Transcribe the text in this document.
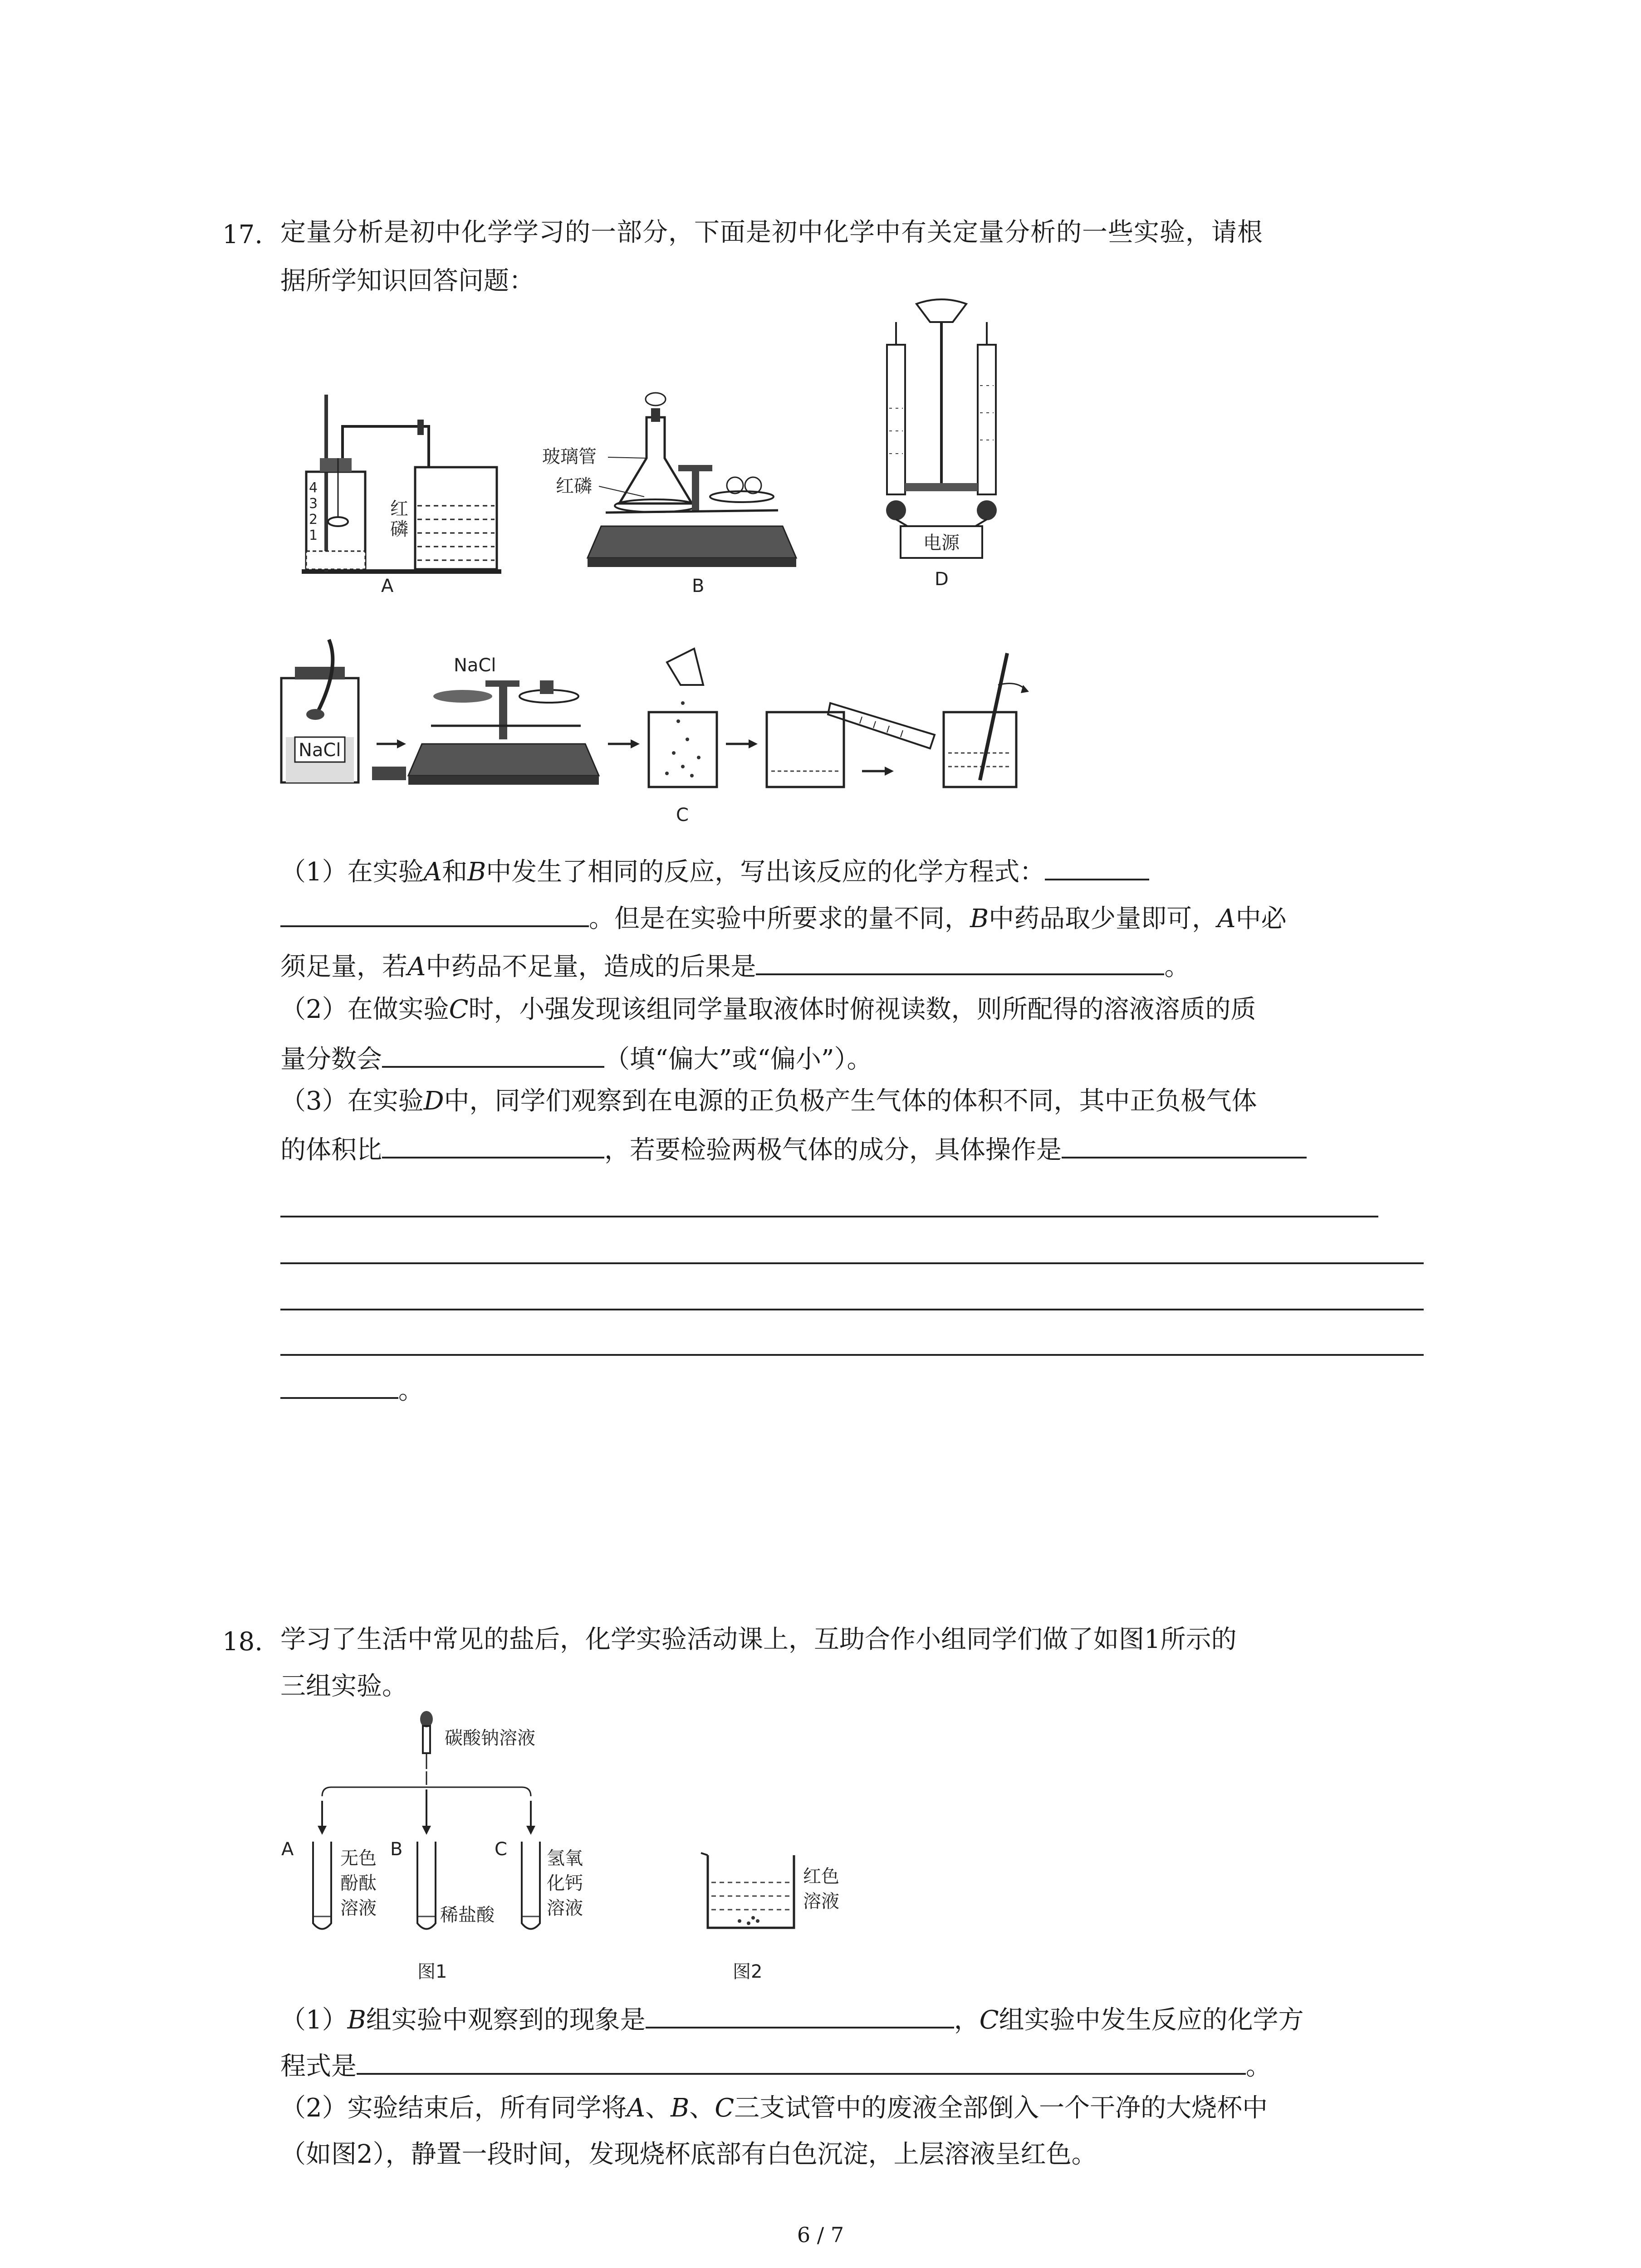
17. 定量分析是初中化学学习的一部分，下面是初中化学中有关定量分析的一些实验，请根
据所学知识回答问题：
4
3
2
1
红
磷
A
玻璃管
红磷
B
电源
D
NaCl
NaCl
C
（1）在实验A和B中发生了相同的反应，写出该反应的化学方程式：
。但是在实验中所要求的量不同，B中药品取少量即可，A中必
须足量，若A中药品不足量，造成的后果是	。
（2）在做实验C时，小强发现该组同学量取液体时俯视读数，则所配得的溶液溶质的质
量分数会	（填“偏大”或“偏小”）。
（3）在实验D中，同学们观察到在电源的正负极产生气体的体积不同，其中正负极气体
的体积比	，若要检验两极气体的成分，具体操作是
。
18. 学习了生活中常见的盐后，化学实验活动课上，互助合作小组同学们做了如图1所示的
三组实验。
碳酸钠溶液
A	B	C
无色
酚酞
溶液	稀盐酸
氢氧
化钙
溶液
图1
红色
溶液
图2
（1）B组实验中观察到的现象是	，C组实验中发生反应的化学方
程式是	。
（2）实验结束后，所有同学将A、B、C三支试管中的废液全部倒入一个干净的大烧杯中
（如图2），静置一段时间，发现烧杯底部有白色沉淀，上层溶液呈红色。
6 / 7
